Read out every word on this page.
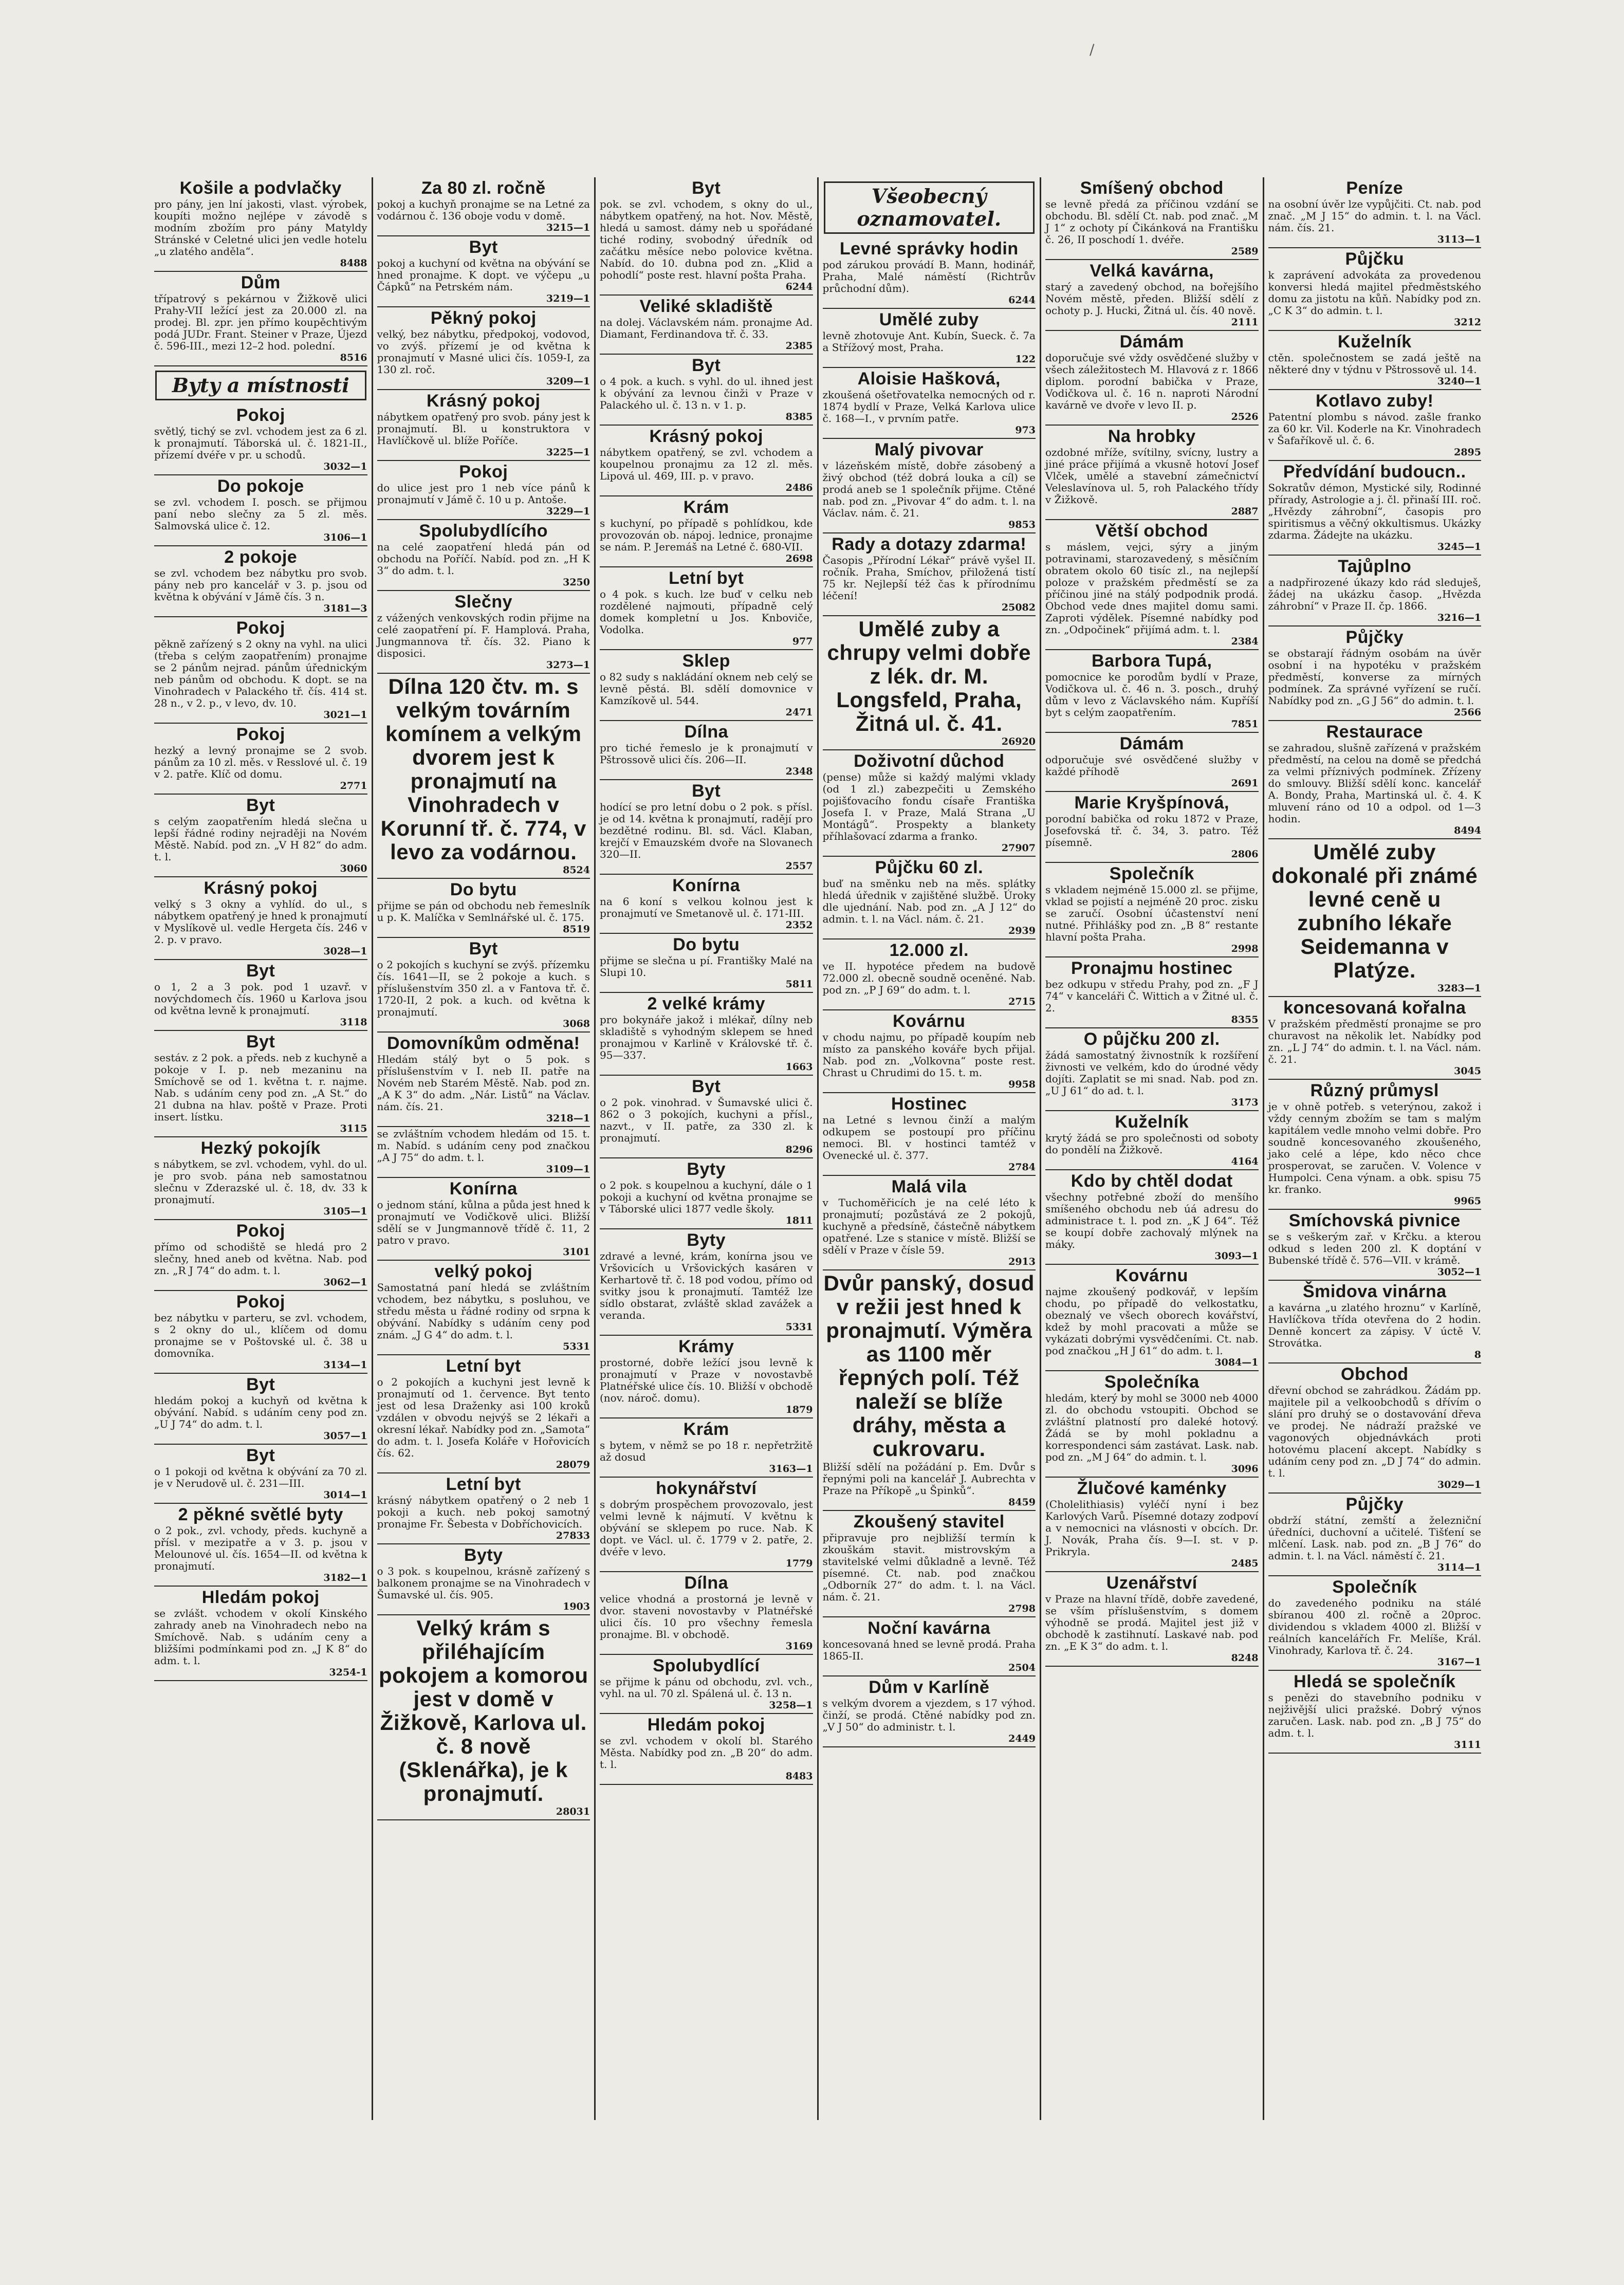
/
Košile a podvlačky
pro pány, jen lní jakosti, vlast. výrobek, koupíti možno nejlépe v závodě s modním zbožím pro pány Matyldy Stránské v Celetné ulici jen vedle hotelu „u zlatého anděla“.
8488
Dům
třípatrový s pekárnou v Žižkově ulici Prahy-VII ležící jest za 20.000 zl. na prodej. Bl. zpr. jen přímo koupěchtivým podá JUDr. Frant. Steiner v Praze, Újezd č. 596-III., mezi 12–2 hod. polední.
8516
Byty a místnosti
Pokoj
světlý, tichý se zvl. vchodem jest za 6 zl. k pronajmutí. Táborská ul. č. 1821-II., přízemí dvéře v pr. u schodů.
3032—1
Do pokoje
se zvl. vchodem I. posch. se přijmou paní nebo slečny za 5 zl. měs. Salmovská ulice č. 12.
3106—1
2 pokoje
se zvl. vchodem bez nábytku pro svob. pány neb pro kancelář v 3. p. jsou od května k obývání v Jámě čís. 3 n.
3181—3
Pokoj
pěkně zařízený s 2 okny na vyhl. na ulici (třeba s celým zaopatřením) pronajme se 2 pánům nejrad. pánům úřednickým neb pánům od obchodu. K dopt. se na Vinohradech v Palackého tř. čís. 414 st. 28 n., v 2. p., v levo, dv. 10.
3021—1
Pokoj
hezký a levný pronajme se 2 svob. pánům za 10 zl. měs. v Resslové ul. č. 19 v 2. patře. Klíč od domu.
2771
Byt
s celým zaopatřením hledá slečna u lepší řádné rodiny nejraději na Novém Městě. Nabíd. pod zn. „V H 82“ do adm. t. l.
3060
Krásný pokoj
velký s 3 okny a vyhlíd. do ul., s nábytkem opatřený je hned k pronajmutí v Myslíkově ul. vedle Hergeta čís. 246 v 2. p. v pravo.
3028—1
Byt
o 1, 2 a 3 pok. pod 1 uzavř. v novýchdomech čís. 1960 u Karlova jsou od května levně k pronajmutí.
3118
Byt
sestáv. z 2 pok. a předs. neb z kuchyně a pokoje v I. p. neb mezaninu na Smíchově se od 1. května t. r. najme. Nab. s udáním ceny pod zn. „A St.“ do 21 dubna na hlav. poště v Praze. Proti insert. lístku.
3115
Hezký pokojík
s nábytkem, se zvl. vchodem, vyhl. do ul. je pro svob. pána neb samostatnou slečnu v Zderazské ul. č. 18, dv. 33 k pronajmutí.
3105—1
Pokoj
přímo od schodiště se hledá pro 2 slečny, hned aneb od května. Nab. pod zn. „R J 74“ do adm. t. l.
3062—1
Pokoj
bez nábytku v parteru, se zvl. vchodem, s 2 okny do ul., klíčem od domu pronajme se v Poštovské ul. č. 38 u domovníka.
3134—1
Byt
hledám pokoj a kuchyň od května k obývání. Nabíd. s udáním ceny pod zn. „U J 74“ do adm. t. l.
3057—1
Byt
o 1 pokoji od května k obývání za 70 zl. je v Nerudově ul. č. 231—III.
3014—1
2 pěkné světlé byty
o 2 pok., zvl. vchody, předs. kuchyně a přísl. v mezipatře a v 3. p. jsou v Melounové ul. čís. 1654—II. od května k pronajmutí.
3182—1
Hledám pokoj
se zvlášt. vchodem v okolí Kinského zahrady aneb na Vinohradech nebo na Smíchově. Nab. s udáním ceny a bližšími podmínkami pod zn. „J K 8“ do adm. t. l.
3254-1
Za 80 zl. ročně
pokoj a kuchyň pronajme se na Letné za vodárnou č. 136 oboje vodu v domě.
3215—1
Byt
pokoj a kuchyní od května na obývání se hned pronajme. K dopt. ve výčepu „u Čápků“ na Petrském nám.
3219—1
Pěkný pokoj
velký, bez nábytku, předpokoj, vodovod, vo zvýš. přízemí je od května k pronajmutí v Masné ulici čís. 1059-I, za 130 zl. roč.
3209—1
Krásný pokoj
nábytkem opatřený pro svob. pány jest k pronajmutí. Bl. u konstruktora v Havlíčkově ul. blíže Poříče.
3225—1
Pokoj
do ulice jest pro 1 neb více pánů k pronajmutí v Jámě č. 10 u p. Antoše.
3229—1
Spolubydlícího
na celé zaopatření hledá pán od obchodu na Poříčí. Nabíd. pod zn. „H K 3“ do adm. t. l.
3250
Slečny
z vážených venkovských rodin přijme na celé zaopatření pí. F. Hamplová. Praha, Jungmannova tř. čís. 32. Piano k disposici.
3273—1
Dílna 120 čtv. m. s velkým továrním komínem a velkým dvorem jest k pronajmutí na Vinohradech v Korunní tř. č. 774, v levo za vodárnou.
8524
Do bytu
přijme se pán od obchodu neb řemeslník u p. K. Malíčka v Semlnářské ul. č. 175.
8519
Byt
o 2 pokojích s kuchyní se zvýš. přízemku čís. 1641—II, se 2 pokoje a kuch. s příslušenstvím 350 zl. a v Fantova tř. č. 1720-II, 2 pok. a kuch. od května k pronajmutí.
3068
Domovníkům odměna!
Hledám stálý byt o 5 pok. s příslušenstvím v I. neb II. patře na Novém neb Starém Městě. Nab. pod zn. „A K 3“ do adm. „Nár. Listů“ na Václav. nám. čís. 21.
3218—1
se zvláštním vchodem hledám od 15. t. m. Nabíd. s udáním ceny pod značkou „A J 75“ do adm. t. l.
3109—1
Konírna
o jednom stání, kůlna a půda jest hned k pronajmutí ve Vodičkově ulici. Bližší sdělí se v Jungmannově třídě č. 11, 2 patro v pravo.
3101
velký pokoj
Samostatná paní hledá se zvláštním vchodem, bez nábytku, s posluhou, ve středu města u řádné rodiny od srpna k obývání. Nabídky s udáním ceny pod znám. „J G 4“ do adm. t. l.
5331
Letní byt
o 2 pokojích a kuchyni jest levně k pronajmutí od 1. července. Byt tento jest od lesa Draženky asi 100 kroků vzdálen v obvodu nejvýš se 2 lékaři a okresní lékař. Nabídky pod zn. „Samota“ do adm. t. l. Josefa Koláře v Hořovicích čís. 62.
28079
Letní byt
krásný nábytkem opatřený o 2 neb 1 pokoji a kuch. neb pokoj samotný pronajme Fr. Šebesta v Dobříchovicích.
27833
Byty
o 3 pok. s koupelnou, krásně zařízený s balkonem pronajme se na Vinohradech v Šumavské ul. čís. 905.
1903
Velký krám s přiléhajícím pokojem a komorou jest v domě v Žižkově, Karlova ul. č. 8 nově (Sklenářka), je k pronajmutí.
28031
Byt
pok. se zvl. vchodem, s okny do ul., nábytkem opatřený, na hot. Nov. Městě, hledá u samost. dámy neb u spořádané tiché rodiny, svobodný úředník od začátku měsíce nebo polovice května. Nabíd. do 10. dubna pod zn. „Klid a pohodlí“ poste rest. hlavní pošta Praha.
6244
Veliké skladiště
na dolej. Václavském nám. pronajme Ad. Diamant, Ferdinandova tř. č. 33.
2385
Byt
o 4 pok. a kuch. s vyhl. do ul. ihned jest k obývání za levnou činži v Praze v Palackého ul. č. 13 n. v 1. p.
8385
Krásný pokoj
nábytkem opatřený, se zvl. vchodem a koupelnou pronajmu za 12 zl. měs. Lipová ul. 469, III. p. v pravo.
2486
Krám
s kuchyní, po případě s pohlídkou, kde provozován ob. nápoj. lednice, pronajme se nám. P. Jeremáš na Letné č. 680-VII.
2698
Letní byt
o 4 pok. s kuch. lze buď v celku neb rozdělené najmouti, případně celý domek kompletní u Jos. Knboviče, Vodolka.
977
Sklep
o 82 sudy s nakládání oknem neb celý se levně pěstá. Bl. sdělí domovnice v Kamzíkově ul. 544.
2471
Dílna
pro tiché řemeslo je k pronajmutí v Pštrossově ulici čís. 206—II.
2348
Byt
hodící se pro letní dobu o 2 pok. s přísl. je od 14. května k pronajmutí, radějí pro bezdětné rodinu. Bl. sd. Václ. Klaban, krejčí v Emauzském dvoře na Slovanech 320—II.
2557
Konírna
na 6 koní s velkou kolnou jest k pronajmutí ve Smetanově ul. č. 171-III.
2352
Do bytu
přijme se slečna u pí. Františky Malé na Slupi 10.
5811
2 velké krámy
pro bokynáře jakož i mlékař, dílny neb skladiště s vyhodným sklepem se hned pronajmou v Karlině v Královské tř. č. 95—337.
1663
Byt
o 2 pok. vinohrad. v Šumavské ulici č. 862 o 3 pokojích, kuchyni a přísl., nazvt., v II. patře, za 330 zl. k pronajmutí.
8296
Byty
o 2 pok. s koupelnou a kuchyní, dále o 1 pokoji a kuchyní od května pronajme se v Táborské ulici 1877 vedle školy.
1811
Byty
zdravé a levné, krám, konírna jsou ve Vršovicích u Vršovických kasáren v Kerhartově tř. č. 18 pod vodou, přímo od svitky jsou k pronajmutí. Tamtéž lze sídlo obstarat, zvláště sklad zavážek a veranda.
5331
Krámy
prostorné, dobře ležící jsou levně k pronajmutí v Praze v novostavbě Platnéřské ulice čís. 10. Bližší v obchodě (nov. nároč. domu).
1879
Krám
s bytem, v němž se po 18 r. nepřetržitě až dosud
3163—1
hokynářství
s dobrým prospěchem provozovalo, jest velmi levně k nájmutí. V květnu k obývání se sklepem po ruce. Nab. K dopt. ve Václ. ul. č. 1779 v 2. patře, 2. dvéře v levo.
1779
Dílna
velice vhodná a prostorná je levně v dvor. staveni novostavby v Platnéřské ulici čís. 10 pro všechny řemesla pronajme. Bl. v obchodě.
3169
Spolubydlící
se přijme k pánu od obchodu, zvl. vch., vyhl. na ul. 70 zl. Spálená ul. č. 13 n.
3258—1
Hledám pokoj
se zvl. vchodem v okolí bl. Starého Města. Nabídky pod zn. „B 20“ do adm. t. l.
8483
Všeobecný oznamovatel.
Levné správky hodin
pod zárukou provádí B. Mann, hodinář, Praha, Malé náměstí (Richtrův průchodní dům).
6244
Umělé zuby
levně zhotovuje Ant. Kubín, Sueck. č. 7a a Střížový most, Praha.
122
Aloisie Hašková,
zkoušená ošetřovatelka nemocných od r. 1874 bydlí v Praze, Velká Karlova ulice č. 168—I., v prvním patře.
973
Malý pivovar
v lázeňském místě, dobře zásobený a živý obchod (též dobrá louka a cíl) se prodá aneb se 1 společník přijme. Ctěné nab. pod zn. „Pivovar 4“ do adm. t. l. na Václav. nám. č. 21.
9853
Rady a dotazy zdarma!
Časopis „Přírodní Lékař“ právě vyšel II. ročník. Praha, Smíchov, přiložená tistí 75 kr. Nejlepší též čas k přírodnímu léčení!
25082
Umělé zuby a chrupy velmi dobře z lék. dr. M. Longsfeld, Praha, Žitná ul. č. 41.
26920
Doživotní důchod
(pense) může si každý malými vklady (od 1 zl.) zabezpečiti u Zemského pojišťovacího fondu císaře Františka Josefa I. v Praze, Malá Strana „U Montágů“. Prospekty a blankety příhlašovací zdarma a franko.
27907
Půjčku 60 zl.
buď na směnku neb na měs. splátky hledá úřednik v zajištěné službě. Úroky dle ujednání. Nab. pod zn. „A J 12“ do admin. t. l. na Václ. nám. č. 21.
2939
12.000 zl.
ve II. hypotéce předem na budově 72.000 zl. obecně soudně oceněné. Nab. pod zn. „P J 69“ do adm. t. l.
2715
Kovárnu
v chodu najmu, po případě koupím neb místo za panského kováře bych přijal. Nab. pod zn. „Volkovna“ poste rest. Chrast u Chrudimi do 15. t. m.
9958
Hostinec
na Letné s levnou činží a malým odkupem se postoupí pro příčinu nemoci. Bl. v hostinci tamtéž v Ovenecké ul. č. 377.
2784
Malá vila
v Tuchoměřicích je na celé léto k pronajmutí; pozůstává ze 2 pokojů, kuchyně a předsíně, částečně nábytkem opatřené. Lze s stanice v místě. Bližší se sdělí v Praze v čísle 59.
2913
Dvůr panský, dosud v režii jest hned k pronajmutí. Výměra as 1100 měr řepných polí. Též naleží se blíže dráhy, města a cukrovaru.
Bližší sdělí na požádání p. Em. Dvůr s řepnými poli na kancelář J. Aubrechta v Praze na Příkopě „u Špinků“.
8459
Zkoušený stavitel
připravuje pro nejbližší termín k zkouškám stavit. mistrovským a stavitelské velmi důkladně a levně. Též písemné. Ct. nab. pod značkou „Odborník 27“ do adm. t. l. na Václ. nám. č. 21.
2798
Noční kavárna
koncesovaná hned se levně prodá. Praha 1865-II.
2504
Dům v Karlíně
s velkým dvorem a vjezdem, s 17 výhod. činží, se prodá. Ctěné nabídky pod zn. „V J 50“ do administr. t. l.
2449
Smíšený obchod
se levně předá za příčinou vzdání se obchodu. Bl. sdělí Ct. nab. pod znač. „M J 1“ z ochoty pí Čikánková na Františku č. 26, II poschodí 1. dvéře.
2589
Velká kavárna,
starý a zavedený obchod, na bořejšího Novém městě, předen. Bližší sdělí z ochoty p. J. Hucki, Žitná ul. čís. 40 nově.
2111
Dámám
doporučuje své vždy osvědčené služby v všech záležitostech M. Hlavová z r. 1866 diplom. porodní babička v Praze, Vodičkova ul. č. 16 n. naproti Národní kavárně ve dvoře v levo II. p.
2526
Na hrobky
ozdobné mříže, svítilny, svícny, lustry a jiné práce přijímá a vkusně hotoví Josef Vlček, umělé a stavební zámečnictví Veleslavínova ul. 5, roh Palackého třídy v Žižkově.
2887
Větší obchod
s máslem, vejci, sýry a jiným potravinami, starozavedený, s měsíčním obratem okolo 60 tisíc zl., na nejlepší poloze v pražském předměstí se za příčinou jiné na stálý podpodnik prodá. Obchod vede dnes majitel domu sami. Zaproti výdělek. Písemné nabídky pod zn. „Odpočinek“ přijímá adm. t. l.
2384
Barbora Tupá,
pomocnice ke porodům bydlí v Praze, Vodičkova ul. č. 46 n. 3. posch., druhý dům v levo z Václavského nám. Kupříší byt s celým zaopatřením.
7851
Dámám
odporučuje své osvědčené služby v každé příhodě
2691
Marie Kryšpínová,
porodní babička od roku 1872 v Praze, Josefovská tř. č. 34, 3. patro. Též písemně.
2806
Společník
s vkladem nejméně 15.000 zl. se přijme, vklad se pojistí a nejméně 20 proc. zisku se zaručí. Osobní účastenství není nutné. Přihlášky pod zn. „B 8“ restante hlavní pošta Praha.
2998
Pronajmu hostinec
bez odkupu v středu Prahy, pod zn. „F J 74“ v kanceláři Č. Wittich a v Žitné ul. č. 2.
8355
O půjčku 200 zl.
žádá samostatný živnostník k rozšíření živnosti ve velkém, kdo do úrodné vědy dojíti. Zaplatit se mi snad. Nab. pod zn. „U J 61“ do ad. t. l.
3173
Kuželník
krytý žádá se pro společnosti od soboty do pondělí na Žižkově.
4164
Kdo by chtěl dodat
všechny potřebné zboží do menšího smíšeného obchodu neb úá adresu do administrace t. l. pod zn. „K J 64“. Též se koupí dobře zachovalý mlýnek na máky.
3093—1
Kovárnu
najme zkoušený podkovář, v lepším chodu, po případě do velkostatku, obeznalý ve všech oborech kovářství, kdež by mohl pracovati a může se vykázati dobrými vysvědčeními. Ct. nab. pod značkou „H J 61“ do adm. t. l.
3084—1
Společníka
hledám, který by mohl se 3000 neb 4000 zl. do obchodu vstoupiti. Obchod se zvláštní platností pro daleké hotový. Žádá se by mohl pokladnu a korrespondenci sám zastávat. Lask. nab. pod zn. „M J 64“ do admin. t. l.
3096
Žlučové kaménky
(Cholelithiasis) vyléčí nyní i bez Karlových Varů. Písemné dotazy zodpoví a v nemocnici na vlásnosti v obcích. Dr. J. Novák, Praha čís. 9—I. st. v p. Prikryla.
2485
Uzenářství
v Praze na hlavní třídě, dobře zavedené, se vším příslušenstvím, s domem výhodně se prodá. Majitel jest již v obchodě k zastihnutí. Laskavé nab. pod zn. „E K 3“ do adm. t. l.
8248
Peníze
na osobní úvěr lze vypůjčiti. Ct. nab. pod znač. „M J 15“ do admin. t. l. na Václ. nám. čís. 21.
3113—1
Půjčku
k zaprávení advokáta za provedenou konversi hledá majitel předměstského domu za jistotu na kůň. Nabídky pod zn. „C K 3“ do admin. t. l.
3212
Kuželník
ctěn. společnostem se zadá ještě na některé dny v týdnu v Pštrossově ul. 14.
3240—1
Kotlavo zuby!
Patentní plombu s návod. zašle franko za 60 kr. Vil. Koderle na Kr. Vinohradech v Šafaříkově ul. č. 6.
2895
Předvídání budoucn..
Sokratův démon, Mystické sily, Rodinné přírady, Astrologie a j. čl. přinaší III. roč. „Hvězdy záhrobní“, časopis pro spiritismus a věčný okkultismus. Ukázky zdarma. Žádejte na ukázku.
3245—1
Tajůplno
a nadpřirozené úkazy kdo rád sleduješ, žádej na ukázku časop. „Hvězda záhrobní“ v Praze II. čp. 1866.
3216—1
Půjčky
se obstarají řádným osobám na úvěr osobní i na hypotéku v pražském předměstí, konverse za mírných podmínek. Za správné vyřízení se ručí. Nabídky pod zn. „G J 56“ do admin. t. l.
2566
Restaurace
se zahradou, slušně zařízená v pražském předměstí, na celou na domě se předchá za velmi příznivých podmínek. Zřízeny do smlouvy. Bližší sdělí konc. kancelář A. Bondy, Praha, Martinská ul. č. 4. K mluvení ráno od 10 a odpol. od 1—3 hodin.
8494
Umělé zuby dokonalé při známé levné ceně u zubního lékaře Seidemanna v Platýze.
3283—1
koncesovaná kořalna
V pražském předměstí pronajme se pro churavost na několik let. Nabídky pod zn. „L J 74“ do admin. t. l. na Václ. nám. č. 21.
3045
Různý průmysl
je v ohně potřeb. s veterýnou, zakož i vždy cenným zbožím se tam s malým kapitálem vedle mnoho velmi dobře. Pro soudně koncesovaného zkoušeného, jako celé a lépe, kdo něco chce prosperovat, se zaručen. V. Volence v Humpolci. Cena výnam. a obk. spisu 75 kr. franko.
9965
Smíchovská pivnice
se s veškerým zař. v Krčku. a kterou odkud s leden 200 zl. K doptání v Bubenské třídě č. 576—VII. v krámě.
3052—1
Šmidova vinárna
a kavárna „u zlatého hroznu“ v Karlíně, Havlíčkova třída otevřena do 2 hodin. Denně koncert za zápisy. V úctě V. Strovátka.
8
Obchod
dřevní obchod se zahrádkou. Žádám pp. majitele pil a velkoobchodů s dřívím o slání pro druhý se o dostavování dřeva ve prodej. Ne nádraží pražské ve vagonových objednávkách proti hotovému placení akcept. Nabídky s udáním ceny pod zn. „D J 74“ do admin. t. l.
3029—1
Půjčky
obdrží státní, zemští a železniční úředníci, duchovní a učitelé. Tišťení se mlčení. Lask. nab. pod zn. „B J 76“ do admin. t. l. na Václ. náměstí č. 21.
3114—1
Společník
do zavedeného podniku na stálé sbíranou 400 zl. ročně a 20proc. dividendou s vkladem 4000 zl. Bližší v reálních kancelářích Fr. Melíše, Král. Vinohrady, Karlova tř. č. 24.
3167—1
Hledá se společník
s penězi do stavebního podniku v nejživější ulici pražské. Dobrý výnos zaručen. Lask. nab. pod zn. „B J 75“ do adm. t. l.
3111
